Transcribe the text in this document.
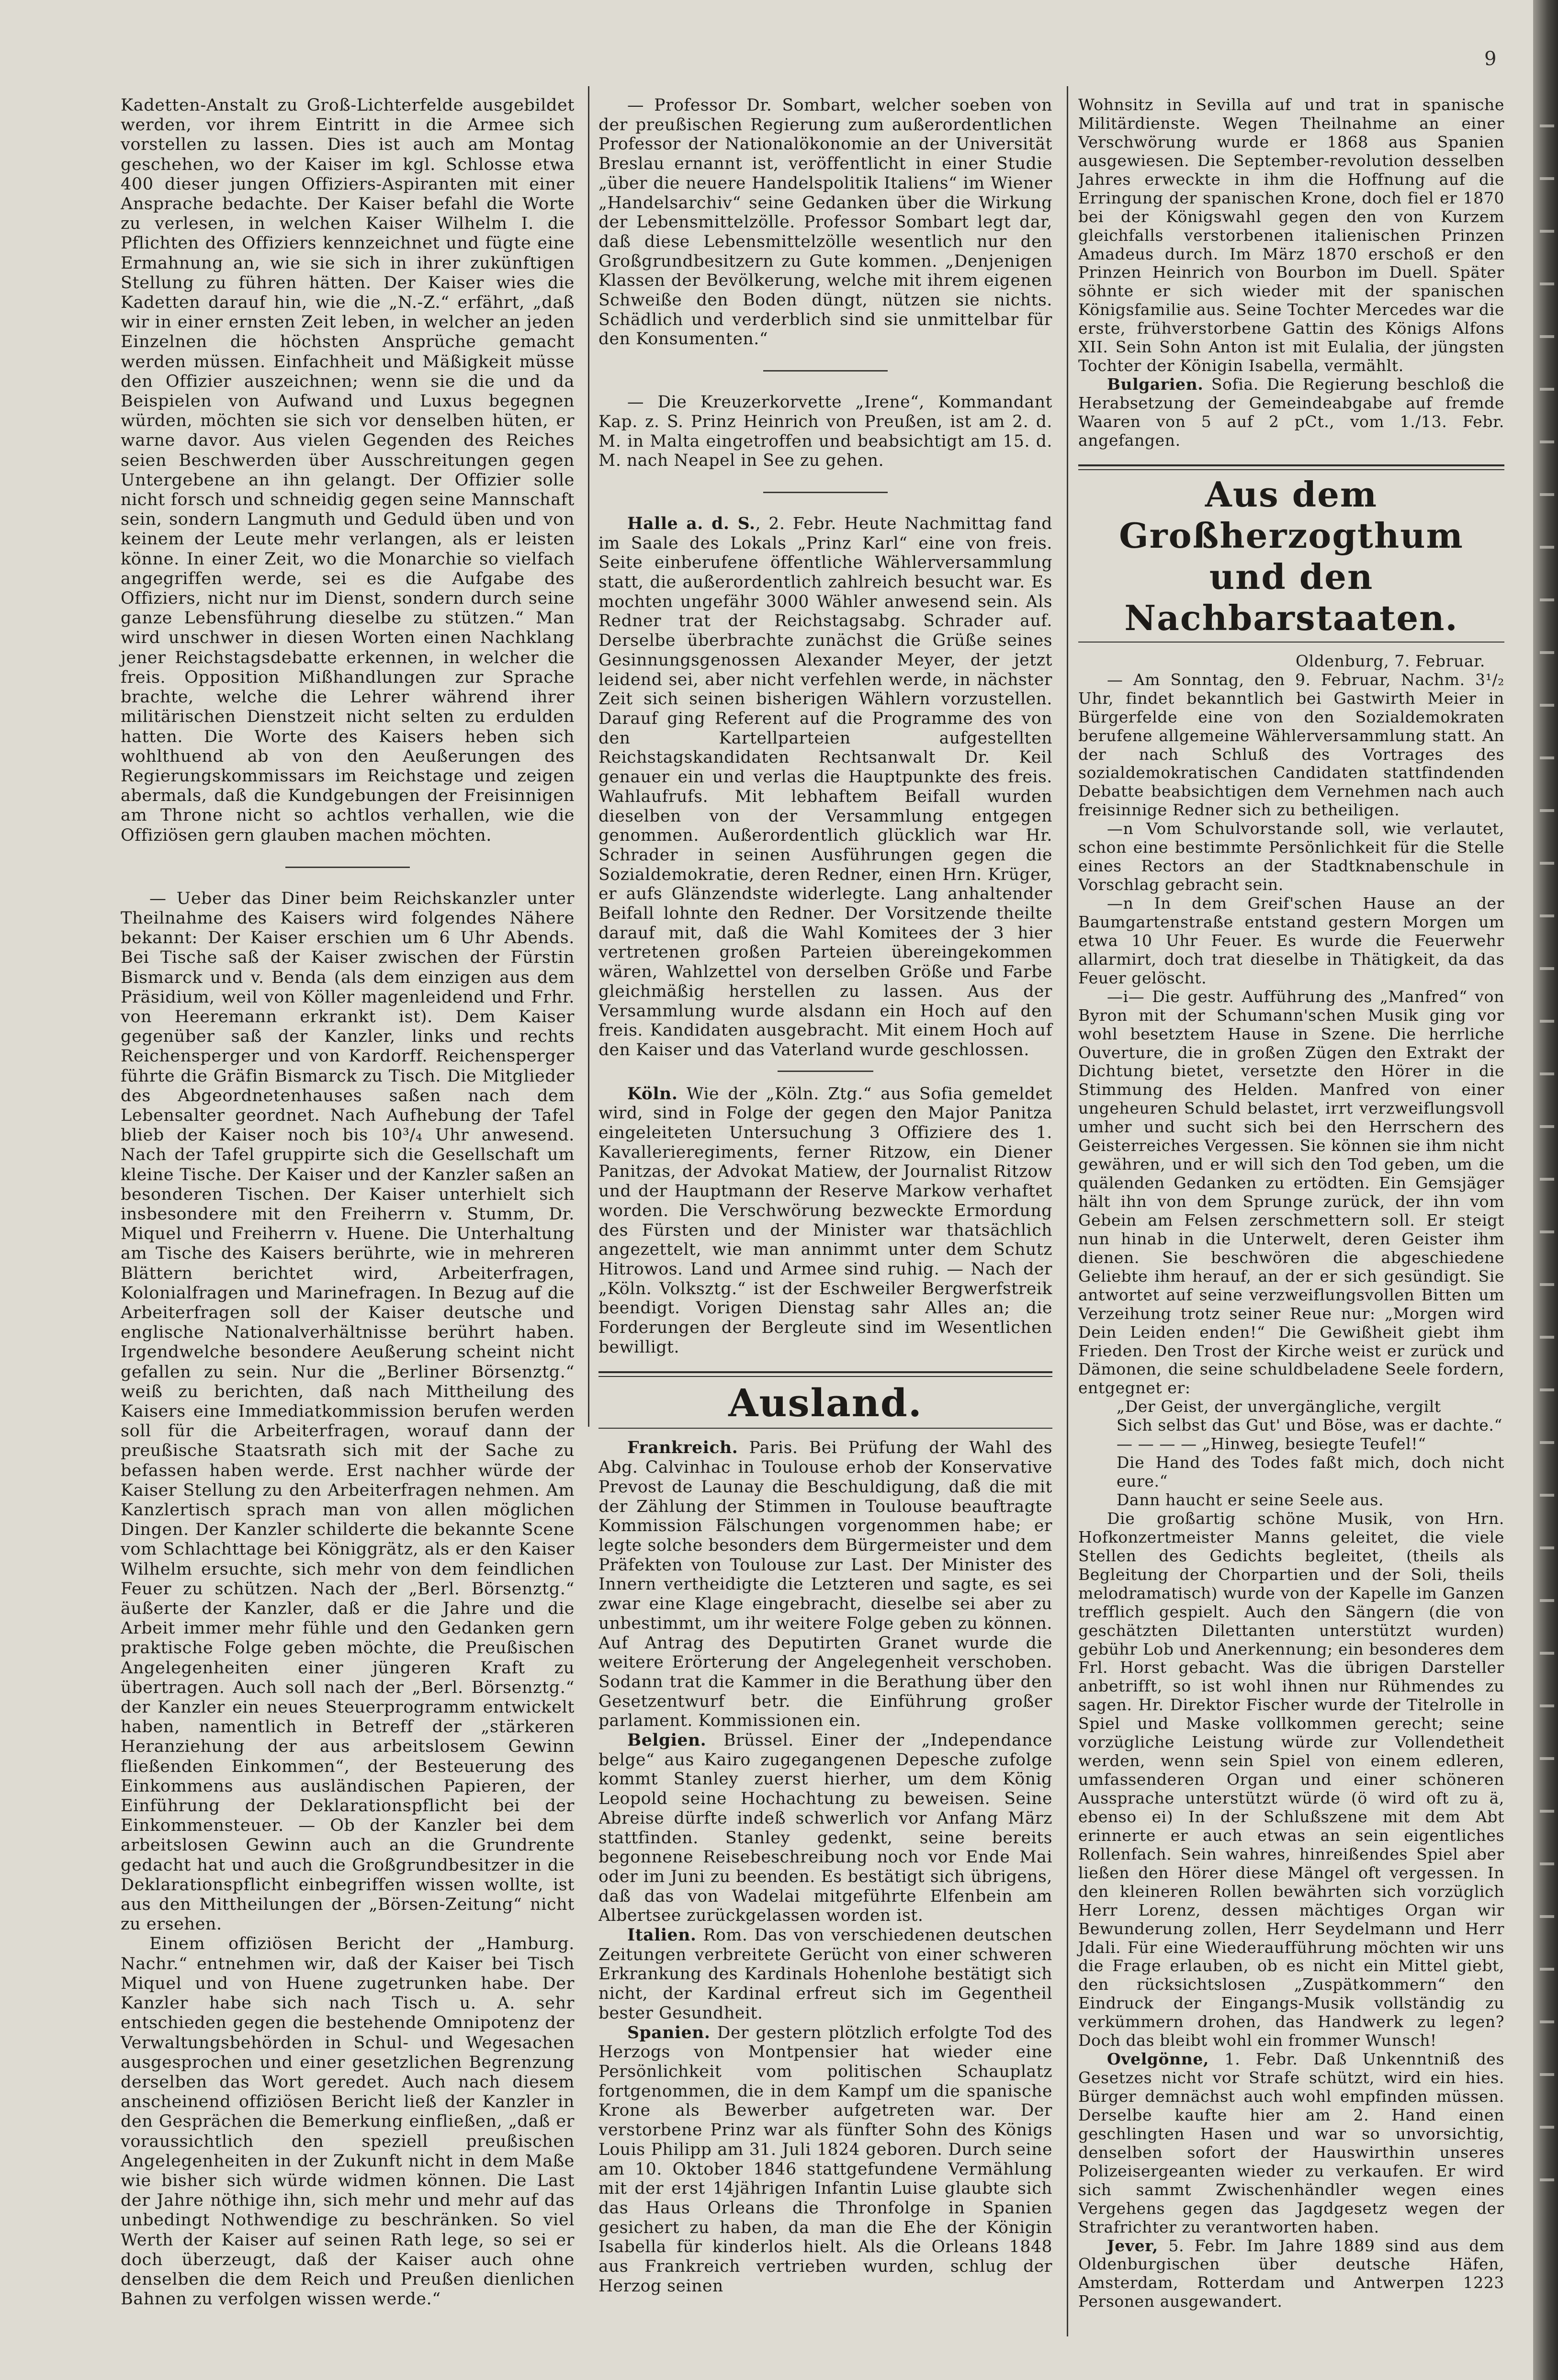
9

Kadetten-Anstalt zu Groß-Lichterfelde ausgebildet werden, vor ihrem Eintritt in die Armee sich vorstellen zu lassen. Dies ist auch am Montag geschehen, wo der Kaiser im kgl. Schlosse etwa 400 dieser jungen Offiziers-Aspiranten mit einer Ansprache bedachte. Der Kaiser befahl die Worte zu verlesen, in welchen Kaiser Wilhelm I. die Pflichten des Offiziers kennzeichnet und fügte eine Ermahnung an, wie sie sich in ihrer zukünftigen Stellung zu führen hätten. Der Kaiser wies die Kadetten darauf hin, wie die „N.-Z.“ erfährt, „daß wir in einer ernsten Zeit leben, in welcher an jeden Einzelnen die höchsten Ansprüche gemacht werden müssen. Einfachheit und Mäßigkeit müsse den Offizier auszeichnen; wenn sie die und da Beispielen von Aufwand und Luxus begegnen würden, möchten sie sich vor denselben hüten, er warne davor. Aus vielen Gegenden des Reiches seien Beschwerden über Ausschreitungen gegen Untergebene an ihn gelangt. Der Offizier solle nicht forsch und schneidig gegen seine Mannschaft sein, sondern Langmuth und Geduld üben und von keinem der Leute mehr verlangen, als er leisten könne. In einer Zeit, wo die Monarchie so vielfach angegriffen werde, sei es die Aufgabe des Offiziers, nicht nur im Dienst, sondern durch seine ganze Lebensführung dieselbe zu stützen.“ Man wird unschwer in diesen Worten einen Nachklang jener Reichstagsdebatte erkennen, in welcher die freis. Opposition Mißhandlungen zur Sprache brachte, welche die Lehrer während ihrer militärischen Dienstzeit nicht selten zu erdulden hatten. Die Worte des Kaisers heben sich wohlthuend ab von den Aeußerungen des Regierungskommissars im Reichstage und zeigen abermals, daß die Kundgebungen der Freisinnigen am Throne nicht so achtlos verhallen, wie die Offiziösen gern glauben machen möchten.

— Ueber das Diner beim Reichskanzler unter Theilnahme des Kaisers wird folgendes Nähere bekannt: Der Kaiser erschien um 6 Uhr Abends. Bei Tische saß der Kaiser zwischen der Fürstin Bismarck und v. Benda (als dem einzigen aus dem Präsidium, weil von Köller magenleidend und Frhr. von Heeremann erkrankt ist). Dem Kaiser gegenüber saß der Kanzler, links und rechts Reichensperger und von Kardorff. Reichensperger führte die Gräfin Bismarck zu Tisch. Die Mitglieder des Abgeordnetenhauses saßen nach dem Lebensalter geordnet. Nach Aufhebung der Tafel blieb der Kaiser noch bis 10³/₄ Uhr anwesend. Nach der Tafel gruppirte sich die Gesellschaft um kleine Tische. Der Kaiser und der Kanzler saßen an besonderen Tischen. Der Kaiser unterhielt sich insbesondere mit den Freiherrn v. Stumm, Dr. Miquel und Freiherrn v. Huene. Die Unterhaltung am Tische des Kaisers berührte, wie in mehreren Blättern berichtet wird, Arbeiterfragen, Kolonialfragen und Marinefragen. In Bezug auf die Arbeiterfragen soll der Kaiser deutsche und englische Nationalverhältnisse berührt haben. Irgendwelche besondere Aeußerung scheint nicht gefallen zu sein. Nur die „Berliner Börsenztg.“ weiß zu berichten, daß nach Mittheilung des Kaisers eine Immediatkommission berufen werden soll für die Arbeiterfragen, worauf dann der preußische Staatsrath sich mit der Sache zu befassen haben werde. Erst nachher würde der Kaiser Stellung zu den Arbeiterfragen nehmen. Am Kanzlertisch sprach man von allen möglichen Dingen. Der Kanzler schilderte die bekannte Scene vom Schlachttage bei Königgrätz, als er den Kaiser Wilhelm ersuchte, sich mehr von dem feindlichen Feuer zu schützen. Nach der „Berl. Börsenztg.“ äußerte der Kanzler, daß er die Jahre und die Arbeit immer mehr fühle und den Gedanken gern praktische Folge geben möchte, die Preußischen Angelegenheiten einer jüngeren Kraft zu übertragen. Auch soll nach der „Berl. Börsenztg.“ der Kanzler ein neues Steuerprogramm entwickelt haben, namentlich in Betreff der „stärkeren Heranziehung der aus arbeitslosem Gewinn fließenden Einkommen“, der Besteuerung des Einkommens aus ausländischen Papieren, der Einführung der Deklarationspflicht bei der Einkommensteuer. — Ob der Kanzler bei dem arbeitslosen Gewinn auch an die Grundrente gedacht hat und auch die Großgrundbesitzer in die Deklarationspflicht einbegriffen wissen wollte, ist aus den Mittheilungen der „Börsen-Zeitung“ nicht zu ersehen.

Einem offiziösen Bericht der „Hamburg. Nachr.“ entnehmen wir, daß der Kaiser bei Tisch Miquel und von Huene zugetrunken habe. Der Kanzler habe sich nach Tisch u. A. sehr entschieden gegen die bestehende Omnipotenz der Verwaltungsbehörden in Schul- und Wegesachen ausgesprochen und einer gesetzlichen Begrenzung derselben das Wort geredet. Auch nach diesem anscheinend offiziösen Bericht ließ der Kanzler in den Gesprächen die Bemerkung einfließen, „daß er voraussichtlich den speziell preußischen Angelegenheiten in der Zukunft nicht in dem Maße wie bisher sich würde widmen können. Die Last der Jahre nöthige ihn, sich mehr und mehr auf das unbedingt Nothwendige zu beschränken. So viel Werth der Kaiser auf seinen Rath lege, so sei er doch überzeugt, daß der Kaiser auch ohne denselben die dem Reich und Preußen dienlichen Bahnen zu verfolgen wissen werde.“

— Professor Dr. Sombart, welcher soeben von der preußischen Regierung zum außerordentlichen Professor der Nationalökonomie an der Universität Breslau ernannt ist, veröffentlicht in einer Studie „über die neuere Handelspolitik Italiens“ im Wiener „Handelsarchiv“ seine Gedanken über die Wirkung der Lebensmittelzölle. Professor Sombart legt dar, daß diese Lebensmittelzölle wesentlich nur den Großgrundbesitzern zu Gute kommen. „Denjenigen Klassen der Bevölkerung, welche mit ihrem eigenen Schweiße den Boden düngt, nützen sie nichts. Schädlich und verderblich sind sie unmittelbar für den Konsumenten.“

— Die Kreuzerkorvette „Irene“, Kommandant Kap. z. S. Prinz Heinrich von Preußen, ist am 2. d. M. in Malta eingetroffen und beabsichtigt am 15. d. M. nach Neapel in See zu gehen.

Halle a. d. S., 2. Febr. Heute Nachmittag fand im Saale des Lokals „Prinz Karl“ eine von freis. Seite einberufene öffentliche Wählerversammlung statt, die außerordentlich zahlreich besucht war. Es mochten ungefähr 3000 Wähler anwesend sein. Als Redner trat der Reichstagsabg. Schrader auf. Derselbe überbrachte zunächst die Grüße seines Gesinnungsgenossen Alexander Meyer, der jetzt leidend sei, aber nicht verfehlen werde, in nächster Zeit sich seinen bisherigen Wählern vorzustellen. Darauf ging Referent auf die Programme des von den Kartellparteien aufgestellten Reichstagskandidaten Rechtsanwalt Dr. Keil genauer ein und verlas die Hauptpunkte des freis. Wahlaufrufs. Mit lebhaftem Beifall wurden dieselben von der Versammlung entgegen genommen. Außerordentlich glücklich war Hr. Schrader in seinen Ausführungen gegen die Sozialdemokratie, deren Redner, einen Hrn. Krüger, er aufs Glänzendste widerlegte. Lang anhaltender Beifall lohnte den Redner. Der Vorsitzende theilte darauf mit, daß die Wahl Komitees der 3 hier vertretenen großen Parteien übereingekommen wären, Wahlzettel von derselben Größe und Farbe gleichmäßig herstellen zu lassen. Aus der Versammlung wurde alsdann ein Hoch auf den freis. Kandidaten ausgebracht. Mit einem Hoch auf den Kaiser und das Vaterland wurde geschlossen.

Köln. Wie der „Köln. Ztg.“ aus Sofia gemeldet wird, sind in Folge der gegen den Major Panitza eingeleiteten Untersuchung 3 Offiziere des 1. Kavallerieregiments, ferner Ritzow, ein Diener Panitzas, der Advokat Matiew, der Journalist Ritzow und der Hauptmann der Reserve Markow verhaftet worden. Die Verschwörung bezweckte Ermordung des Fürsten und der Minister war thatsächlich angezettelt, wie man annimmt unter dem Schutz Hitrowos. Land und Armee sind ruhig. — Nach der „Köln. Volksztg.“ ist der Eschweiler Bergwerfstreik beendigt. Vorigen Dienstag sahr Alles an; die Forderungen der Bergleute sind im Wesentlichen bewilligt.

Ausland.

Frankreich. Paris. Bei Prüfung der Wahl des Abg. Calvinhac in Toulouse erhob der Konservative Prevost de Launay die Beschuldigung, daß die mit der Zählung der Stimmen in Toulouse beauftragte Kommission Fälschungen vorgenommen habe; er legte solche besonders dem Bürgermeister und dem Präfekten von Toulouse zur Last. Der Minister des Innern vertheidigte die Letzteren und sagte, es sei zwar eine Klage eingebracht, dieselbe sei aber zu unbestimmt, um ihr weitere Folge geben zu können. Auf Antrag des Deputirten Granet wurde die weitere Erörterung der Angelegenheit verschoben. Sodann trat die Kammer in die Berathung über den Gesetzentwurf betr. die Einführung großer parlament. Kommissionen ein.

Belgien. Brüssel. Einer der „Independance belge“ aus Kairo zugegangenen Depesche zufolge kommt Stanley zuerst hierher, um dem König Leopold seine Hochachtung zu beweisen. Seine Abreise dürfte indeß schwerlich vor Anfang März stattfinden. Stanley gedenkt, seine bereits begonnene Reisebeschreibung noch vor Ende Mai oder im Juni zu beenden. Es bestätigt sich übrigens, daß das von Wadelai mitgeführte Elfenbein am Albertsee zurückgelassen worden ist.

Italien. Rom. Das von verschiedenen deutschen Zeitungen verbreitete Gerücht von einer schweren Erkrankung des Kardinals Hohenlohe bestätigt sich nicht, der Kardinal erfreut sich im Gegentheil bester Gesundheit.

Spanien. Der gestern plötzlich erfolgte Tod des Herzogs von Montpensier hat wieder eine Persönlichkeit vom politischen Schauplatz fortgenommen, die in dem Kampf um die spanische Krone als Bewerber aufgetreten war. Der verstorbene Prinz war als fünfter Sohn des Königs Louis Philipp am 31. Juli 1824 geboren. Durch seine am 10. Oktober 1846 stattgefundene Vermählung mit der erst 14jährigen Infantin Luise glaubte sich das Haus Orleans die Thronfolge in Spanien gesichert zu haben, da man die Ehe der Königin Isabella für kinderlos hielt. Als die Orleans 1848 aus Frankreich vertrieben wurden, schlug der Herzog seinen

Wohnsitz in Sevilla auf und trat in spanische Militärdienste. Wegen Theilnahme an einer Verschwörung wurde er 1868 aus Spanien ausgewiesen. Die September-revolution desselben Jahres erweckte in ihm die Hoffnung auf die Erringung der spanischen Krone, doch fiel er 1870 bei der Königswahl gegen den von Kurzem gleichfalls verstorbenen italienischen Prinzen Amadeus durch. Im März 1870 erschoß er den Prinzen Heinrich von Bourbon im Duell. Später söhnte er sich wieder mit der spanischen Königsfamilie aus. Seine Tochter Mercedes war die erste, frühverstorbene Gattin des Königs Alfons XII. Sein Sohn Anton ist mit Eulalia, der jüngsten Tochter der Königin Isabella, vermählt.

Bulgarien. Sofia. Die Regierung beschloß die Herabsetzung der Gemeindeabgabe auf fremde Waaren von 5 auf 2 pCt., vom 1./13. Febr. angefangen.

Aus dem Großherzogthum und den Nachbarstaaten.

Oldenburg, 7. Februar.

— Am Sonntag, den 9. Februar, Nachm. 3¹/₂ Uhr, findet bekanntlich bei Gastwirth Meier in Bürgerfelde eine von den Sozialdemokraten berufene allgemeine Wählerversammlung statt. An der nach Schluß des Vortrages des sozialdemokratischen Candidaten stattfindenden Debatte beabsichtigen dem Vernehmen nach auch freisinnige Redner sich zu betheiligen.

—n Vom Schulvorstande soll, wie verlautet, schon eine bestimmte Persönlichkeit für die Stelle eines Rectors an der Stadtknabenschule in Vorschlag gebracht sein.

—n In dem Greif'schen Hause an der Baumgartenstraße entstand gestern Morgen um etwa 10 Uhr Feuer. Es wurde die Feuerwehr allarmirt, doch trat dieselbe in Thätigkeit, da das Feuer gelöscht.

—i— Die gestr. Aufführung des „Manfred“ von Byron mit der Schumann'schen Musik ging vor wohl besetztem Hause in Szene. Die herrliche Ouverture, die in großen Zügen den Extrakt der Dichtung bietet, versetzte den Hörer in die Stimmung des Helden. Manfred von einer ungeheuren Schuld belastet, irrt verzweiflungsvoll umher und sucht sich bei den Herrschern des Geisterreiches Vergessen. Sie können sie ihm nicht gewähren, und er will sich den Tod geben, um die quälenden Gedanken zu ertödten. Ein Gemsjäger hält ihn von dem Sprunge zurück, der ihn vom Gebein am Felsen zerschmettern soll. Er steigt nun hinab in die Unterwelt, deren Geister ihm dienen. Sie beschwören die abgeschiedene Geliebte ihm herauf, an der er sich gesündigt. Sie antwortet auf seine verzweiflungsvollen Bitten um Verzeihung trotz seiner Reue nur: „Morgen wird Dein Leiden enden!“ Die Gewißheit giebt ihm Frieden. Den Trost der Kirche weist er zurück und Dämonen, die seine schuldbeladene Seele fordern, entgegnet er:

„Der Geist, der unvergängliche, vergilt

Sich selbst das Gut' und Böse, was er dachte.“

— — — — „Hinweg, besiegte Teufel!“

Die Hand des Todes faßt mich, doch nicht eure.“

Dann haucht er seine Seele aus.

Die großartig schöne Musik, von Hrn. Hofkonzertmeister Manns geleitet, die viele Stellen des Gedichts begleitet, (theils als Begleitung der Chorpartien und der Soli, theils melodramatisch) wurde von der Kapelle im Ganzen trefflich gespielt. Auch den Sängern (die von geschätzten Dilettanten unterstützt wurden) gebühr Lob und Anerkennung; ein besonderes dem Frl. Horst gebacht. Was die übrigen Darsteller anbetrifft, so ist wohl ihnen nur Rühmendes zu sagen. Hr. Direktor Fischer wurde der Titelrolle in Spiel und Maske vollkommen gerecht; seine vorzügliche Leistung würde zur Vollendetheit werden, wenn sein Spiel von einem edleren, umfassenderen Organ und einer schöneren Aussprache unterstützt würde (ö wird oft zu ä, ebenso ei) In der Schlußszene mit dem Abt erinnerte er auch etwas an sein eigentliches Rollenfach. Sein wahres, hinreißendes Spiel aber ließen den Hörer diese Mängel oft vergessen. In den kleineren Rollen bewährten sich vorzüglich Herr Lorenz, dessen mächtiges Organ wir Bewunderung zollen, Herr Seydelmann und Herr Jdali. Für eine Wiederaufführung möchten wir uns die Frage erlauben, ob es nicht ein Mittel giebt, den rücksichtslosen „Zuspätkommern“ den Eindruck der Eingangs-Musik vollständig zu verkümmern drohen, das Handwerk zu legen? Doch das bleibt wohl ein frommer Wunsch!

Ovelgönne, 1. Febr. Daß Unkenntniß des Gesetzes nicht vor Strafe schützt, wird ein hies. Bürger demnächst auch wohl empfinden müssen. Derselbe kaufte hier am 2. Hand einen geschlingten Hasen und war so unvorsichtig, denselben sofort der Hauswirthin unseres Polizeisergeanten wieder zu verkaufen. Er wird sich sammt Zwischenhändler wegen eines Vergehens gegen das Jagdgesetz wegen der Strafrichter zu verantworten haben.

Jever, 5. Febr. Im Jahre 1889 sind aus dem Oldenburgischen über deutsche Häfen, Amsterdam, Rotterdam und Antwerpen 1223 Personen ausgewandert.
